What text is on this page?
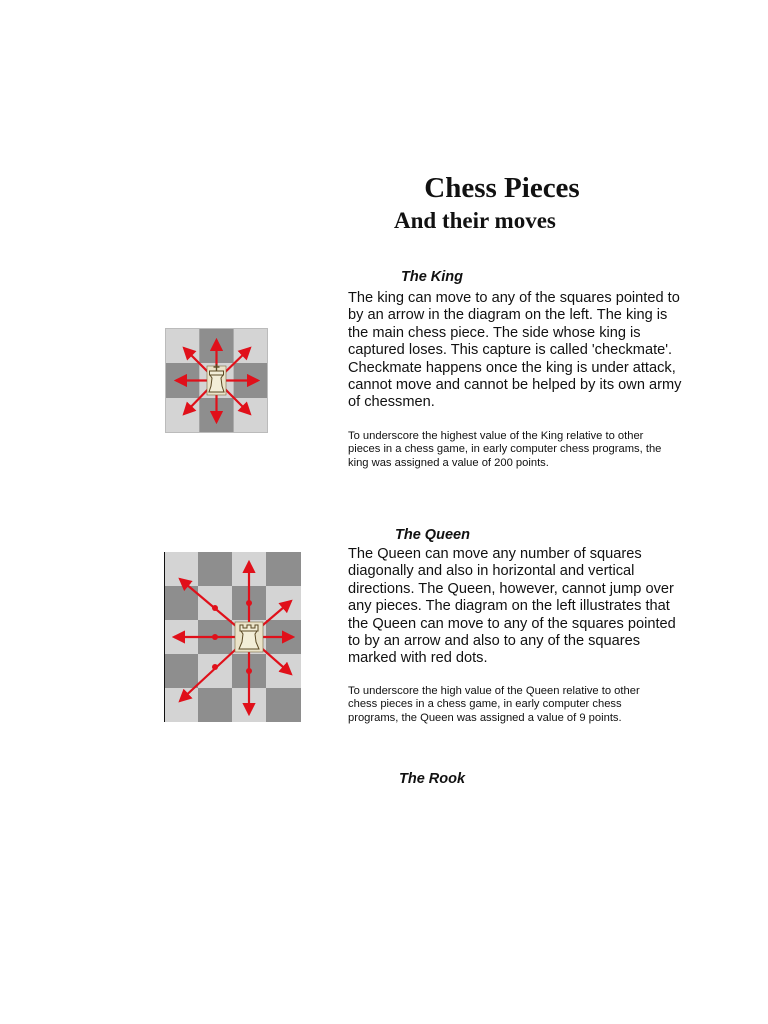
Chess Pieces
And their moves
The King
The king can move to any of the squares pointed to
by an arrow in the diagram on the left. The king is
the main chess piece. The side whose king is
captured loses. This capture is called 'checkmate'.
Checkmate happens once the king is under attack,
cannot move and cannot be helped by its own army
of chessmen.
To underscore the highest value of the King relative to other
pieces in a chess game, in early computer chess programs, the
king was assigned a value of 200 points.
The Queen
The Queen can move any number of squares
diagonally and also in horizontal and vertical
directions. The Queen, however, cannot jump over
any pieces. The diagram on the left illustrates that
the Queen can move to any of the squares pointed
to by an arrow and also to any of the squares
marked with red dots.
To underscore the high value of the Queen relative to other
chess pieces in a chess game, in early computer chess
programs, the Queen was assigned a value of 9 points.
The Rook
